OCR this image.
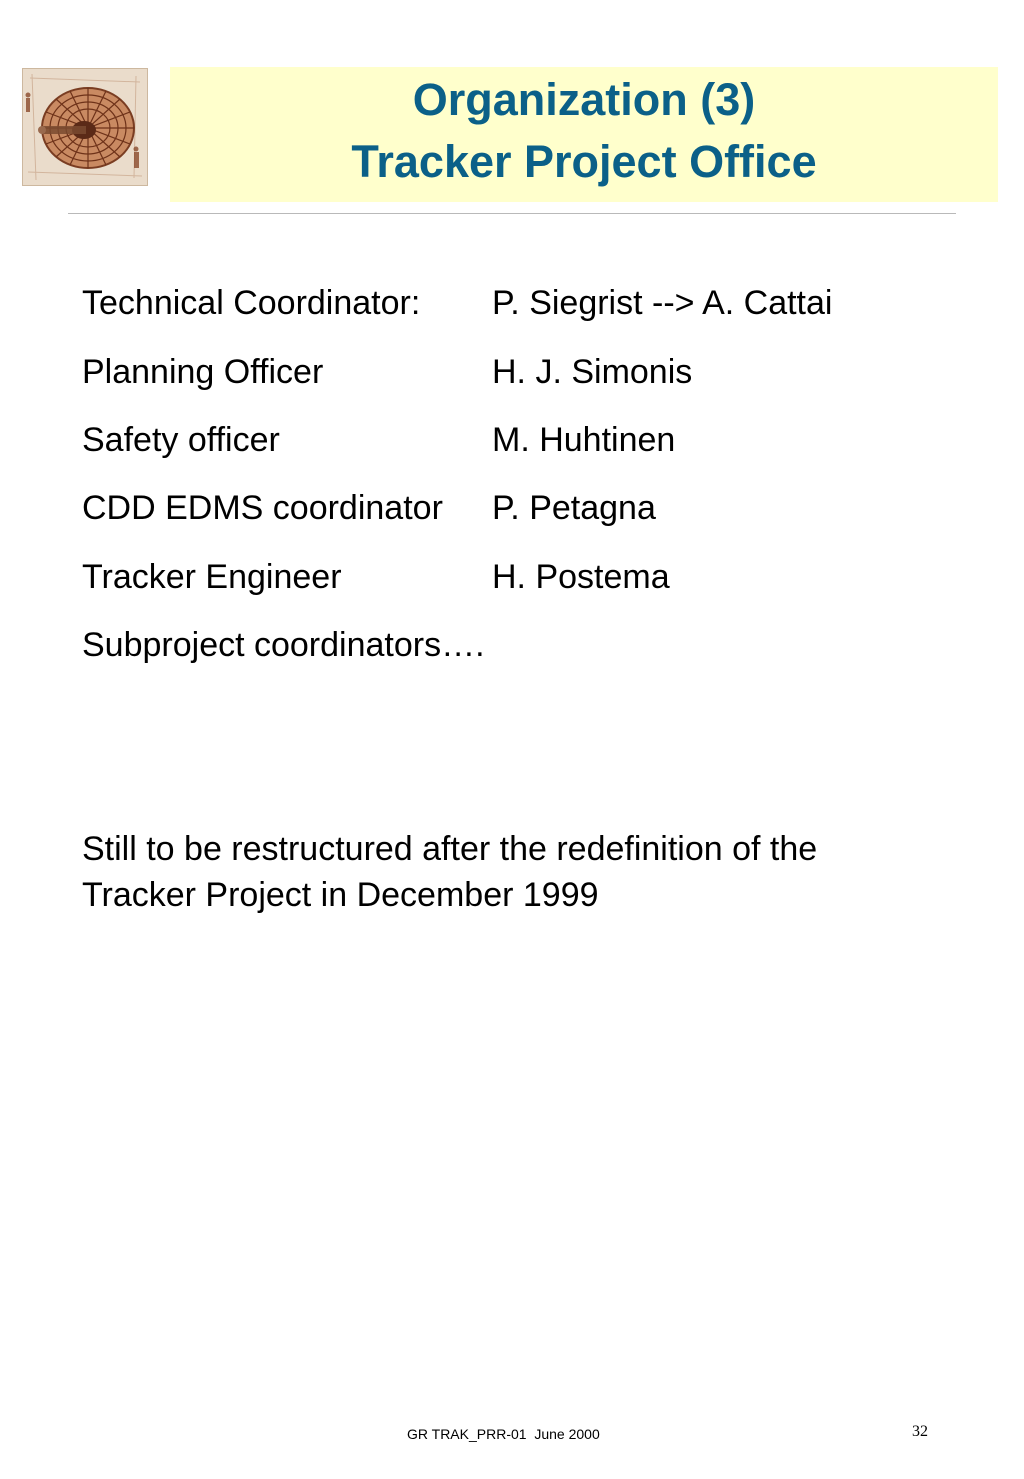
Organization (3)
Tracker Project Office
Technical Coordinator: P. Siegrist --> A. Cattai
Planning Officer	H. J. Simonis
Safety officer	M. Huhtinen
CDD EDMS coordinator P. Petagna
Tracker Engineer	H. Postema
Subproject coordinators….
Still to be restructured after the redefinition of the
Tracker Project in December 1999
GR TRAK_PRR-01  June 2000	32
